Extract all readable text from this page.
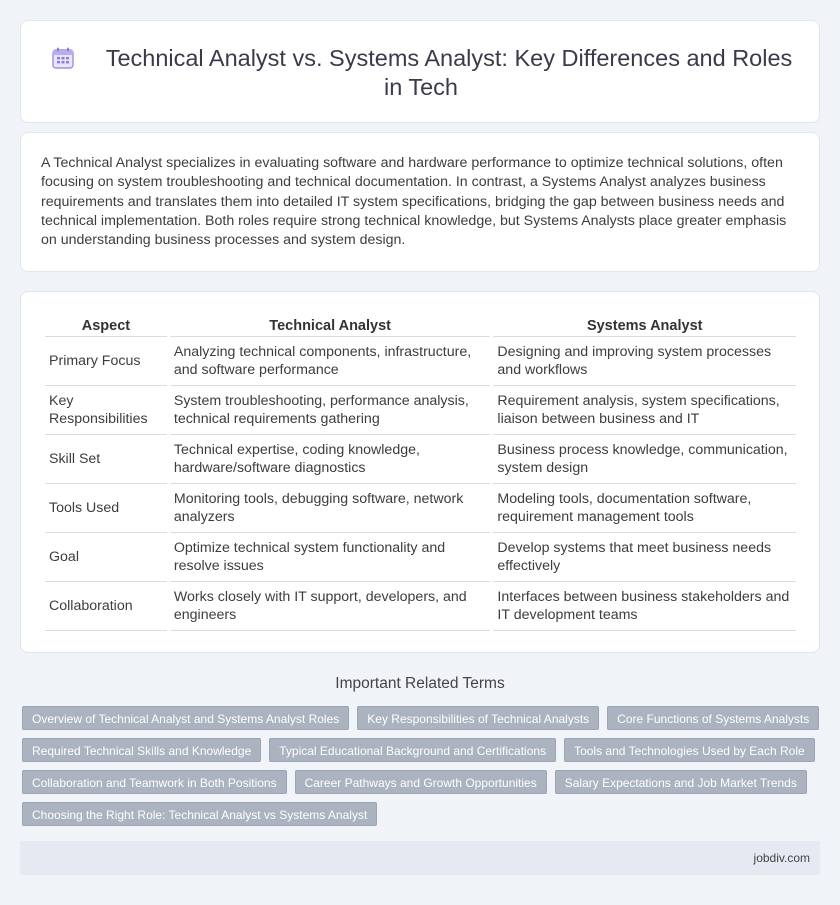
Technical Analyst vs. Systems Analyst: Key Differences and Roles
in Tech

A Technical Analyst specializes in evaluating software and hardware performance to optimize technical solutions, often focusing on system troubleshooting and technical documentation. In contrast, a Systems Analyst analyzes business requirements and translates them into detailed IT system specifications, bridging the gap between business needs and technical implementation. Both roles require strong technical knowledge, but Systems Analysts place greater emphasis on understanding business processes and system design.

Aspect	Technical Analyst	Systems Analyst
Primary Focus	Analyzing technical components, infrastructure, and software performance	Designing and improving system processes and workflows
Key Responsibilities	System troubleshooting, performance analysis, technical requirements gathering	Requirement analysis, system specifications, liaison between business and IT
Skill Set	Technical expertise, coding knowledge, hardware/software diagnostics	Business process knowledge, communication, system design
Tools Used	Monitoring tools, debugging software, network analyzers	Modeling tools, documentation software, requirement management tools
Goal	Optimize technical system functionality and resolve issues	Develop systems that meet business needs effectively
Collaboration	Works closely with IT support, developers, and engineers	Interfaces between business stakeholders and IT development teams
Important Related Terms
Overview of Technical Analyst and Systems Analyst Roles	Key Responsibilities of Technical Analysts	Core Functions of Systems Analysts
Required Technical Skills and Knowledge	Typical Educational Background and Certifications	Tools and Technologies Used by Each Role
Collaboration and Teamwork in Both Positions	Career Pathways and Growth Opportunities	Salary Expectations and Job Market Trends
Choosing the Right Role: Technical Analyst vs Systems Analyst
jobdiv.com
